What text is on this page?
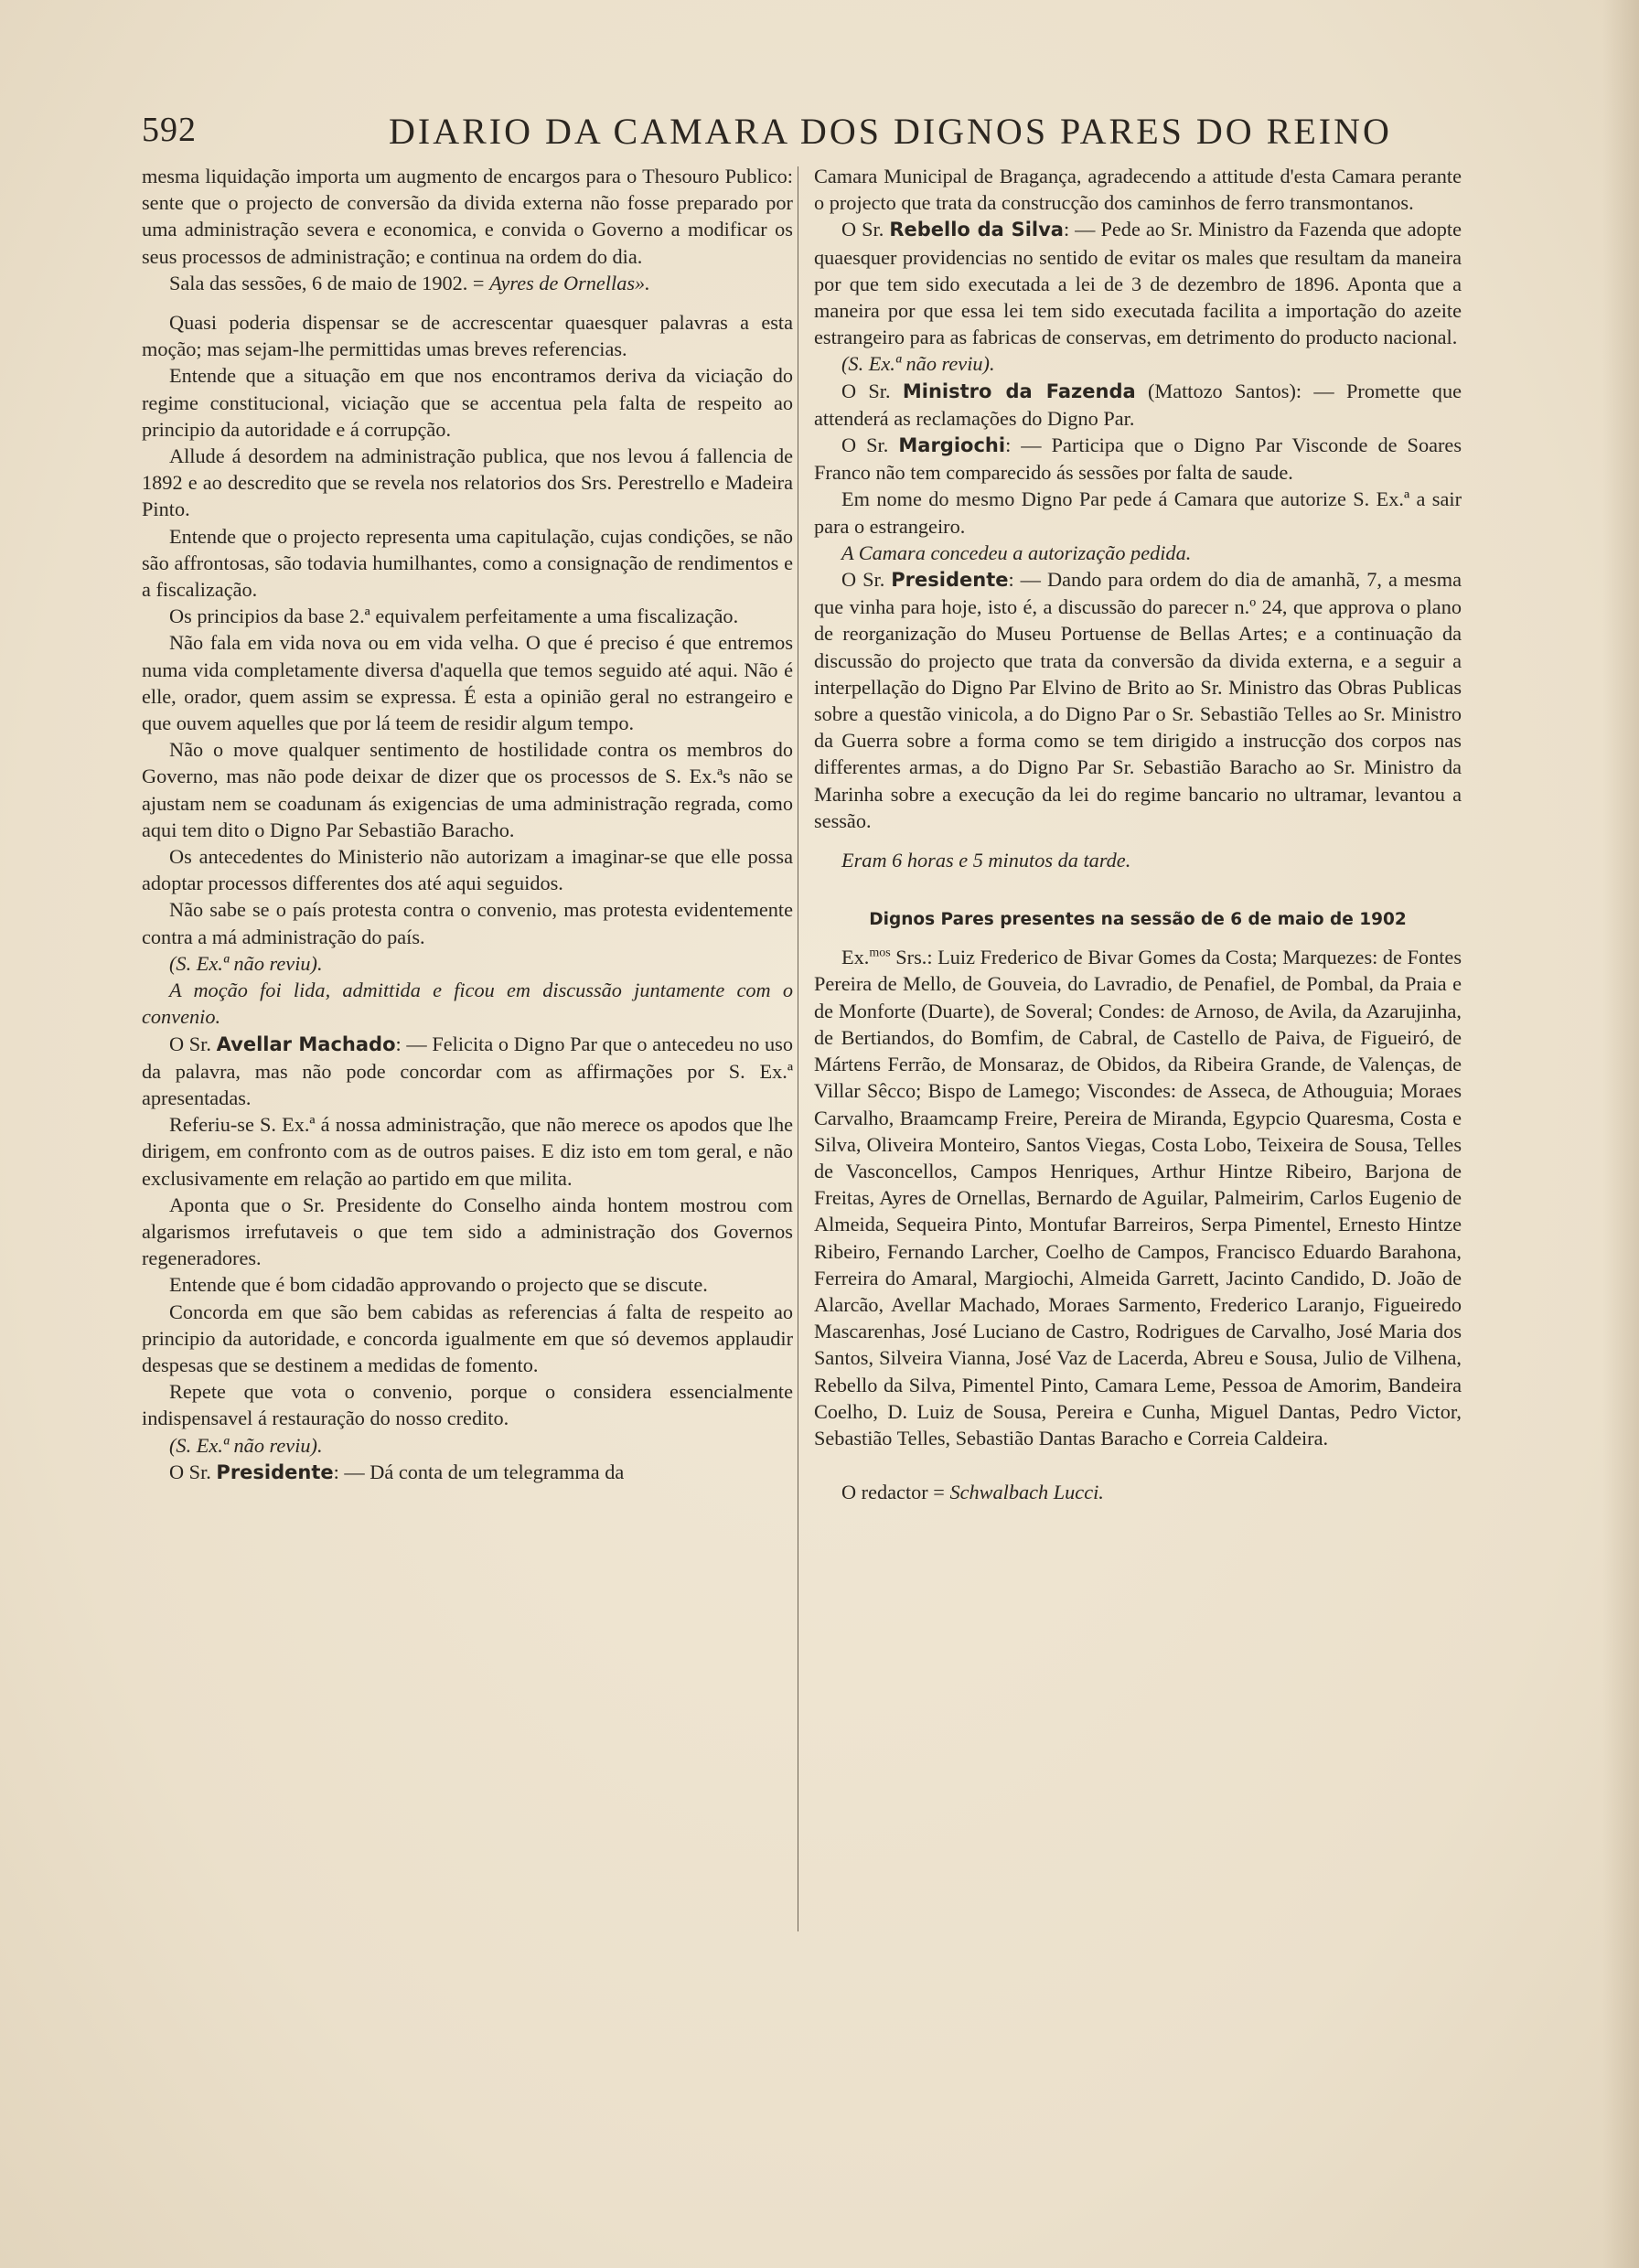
592	DIARIO DA CAMARA DOS DIGNOS PARES DO REINO

mesma liquidação importa um augmento de encargos para o Thesouro Publico: sente que o projecto de conversão da divida externa não fosse preparado por uma administração severa e economica, e convida o Governo a modificar os seus processos de administração; e continua na ordem do dia.

Sala das sessões, 6 de maio de 1902. = Ayres de Ornellas».

Quasi poderia dispensar se de accrescentar quaesquer palavras a esta moção; mas sejam-lhe permittidas umas breves referencias.

Entende que a situação em que nos encontramos deriva da viciação do regime constitucional, viciação que se accentua pela falta de respeito ao principio da autoridade e á corrupção.

Allude á desordem na administração publica, que nos levou á fallencia de 1892 e ao descredito que se revela nos relatorios dos Srs. Perestrello e Madeira Pinto.

Entende que o projecto representa uma capitulação, cujas condições, se não são affrontosas, são todavia humilhantes, como a consignação de rendimentos e a fiscalização.

Os principios da base 2.ª equivalem perfeitamente a uma fiscalização.

Não fala em vida nova ou em vida velha. O que é preciso é que entremos numa vida completamente diversa d'aquella que temos seguido até aqui. Não é elle, orador, quem assim se expressa. É esta a opinião geral no estrangeiro e que ouvem aquelles que por lá teem de residir algum tempo.

Não o move qualquer sentimento de hostilidade contra os membros do Governo, mas não pode deixar de dizer que os processos de S. Ex.ªs não se ajustam nem se coadunam ás exigencias de uma administração regrada, como aqui tem dito o Digno Par Sebastião Baracho.

Os antecedentes do Ministerio não autorizam a imaginar-se que elle possa adoptar processos differentes dos até aqui seguidos.

Não sabe se o país protesta contra o convenio, mas protesta evidentemente contra a má administração do país.

(S. Ex.ª não reviu).

A moção foi lida, admittida e ficou em discussão juntamente com o convenio.

O Sr. Avellar Machado: — Felicita o Digno Par que o antecedeu no uso da palavra, mas não pode concordar com as affirmações por S. Ex.ª apresentadas.

Referiu-se S. Ex.ª á nossa administração, que não merece os apodos que lhe dirigem, em confronto com as de outros paises. E diz isto em tom geral, e não exclusivamente em relação ao partido em que milita.

Aponta que o Sr. Presidente do Conselho ainda hontem mostrou com algarismos irrefutaveis o que tem sido a administração dos Governos regeneradores.

Entende que é bom cidadão approvando o projecto que se discute.

Concorda em que são bem cabidas as referencias á falta de respeito ao principio da autoridade, e concorda igualmente em que só devemos applaudir despesas que se destinem a medidas de fomento.

Repete que vota o convenio, porque o considera essencialmente indispensavel á restauração do nosso credito.

(S. Ex.ª não reviu).

O Sr. Presidente: — Dá conta de um telegramma da

Camara Municipal de Bragança, agradecendo a attitude d'esta Camara perante o projecto que trata da construcção dos caminhos de ferro transmontanos.

O Sr. Rebello da Silva: — Pede ao Sr. Ministro da Fazenda que adopte quaesquer providencias no sentido de evitar os males que resultam da maneira por que tem sido executada a lei de 3 de dezembro de 1896. Aponta que a maneira por que essa lei tem sido executada facilita a importação do azeite estrangeiro para as fabricas de conservas, em detrimento do producto nacional.

(S. Ex.ª não reviu).

O Sr. Ministro da Fazenda (Mattozo Santos): — Promette que attenderá as reclamações do Digno Par.

O Sr. Margiochi: — Participa que o Digno Par Visconde de Soares Franco não tem comparecido ás sessões por falta de saude.

Em nome do mesmo Digno Par pede á Camara que autorize S. Ex.ª a sair para o estrangeiro.

A Camara concedeu a autorização pedida.

O Sr. Presidente: — Dando para ordem do dia de amanhã, 7, a mesma que vinha para hoje, isto é, a discussão do parecer n.º 24, que approva o plano de reorganização do Museu Portuense de Bellas Artes; e a continuação da discussão do projecto que trata da conversão da divida externa, e a seguir a interpellação do Digno Par Elvino de Brito ao Sr. Ministro das Obras Publicas sobre a questão vinicola, a do Digno Par o Sr. Sebastião Telles ao Sr. Ministro da Guerra sobre a forma como se tem dirigido a instrucção dos corpos nas differentes armas, a do Digno Par Sr. Sebastião Baracho ao Sr. Ministro da Marinha sobre a execução da lei do regime bancario no ultramar, levantou a sessão.

Eram 6 horas e 5 minutos da tarde.

Dignos Pares presentes na sessão de 6 de maio de 1902

Ex.$^{mos}$ Srs.: Luiz Frederico de Bivar Gomes da Costa; Marquezes: de Fontes Pereira de Mello, de Gouveia, do Lavradio, de Penafiel, de Pombal, da Praia e de Monforte (Duarte), de Soveral; Condes: de Arnoso, de Avila, da Azarujinha, de Bertiandos, do Bomfim, de Cabral, de Castello de Paiva, de Figueiró, de Mártens Ferrão, de Monsaraz, de Obidos, da Ribeira Grande, de Valenças, de Villar Sêcco; Bispo de Lamego; Viscondes: de Asseca, de Athouguia; Moraes Carvalho, Braamcamp Freire, Pereira de Miranda, Egypcio Quaresma, Costa e Silva, Oliveira Monteiro, Santos Viegas, Costa Lobo, Teixeira de Sousa, Telles de Vasconcellos, Campos Henriques, Arthur Hintze Ribeiro, Barjona de Freitas, Ayres de Ornellas, Bernardo de Aguilar, Palmeirim, Carlos Eugenio de Almeida, Sequeira Pinto, Montufar Barreiros, Serpa Pimentel, Ernesto Hintze Ribeiro, Fernando Larcher, Coelho de Campos, Francisco Eduardo Barahona, Ferreira do Amaral, Margiochi, Almeida Garrett, Jacinto Candido, D. João de Alarcão, Avellar Machado, Moraes Sarmento, Frederico Laranjo, Figueiredo Mascarenhas, José Luciano de Castro, Rodrigues de Carvalho, José Maria dos Santos, Silveira Vianna, José Vaz de Lacerda, Abreu e Sousa, Julio de Vilhena, Rebello da Silva, Pimentel Pinto, Camara Leme, Pessoa de Amorim, Bandeira Coelho, D. Luiz de Sousa, Pereira e Cunha, Miguel Dantas, Pedro Victor, Sebastião Telles, Sebastião Dantas Baracho e Correia Caldeira.

O redactor = Schwalbach Lucci.
